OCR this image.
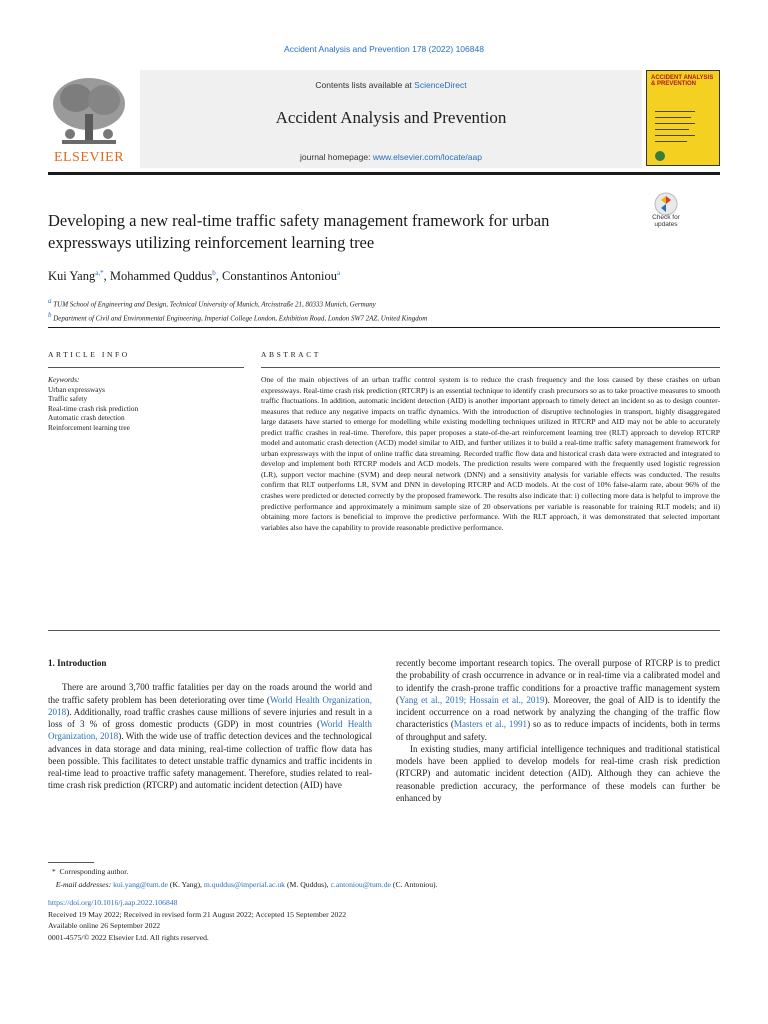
Accident Analysis and Prevention 178 (2022) 106848
ELSEVIER
Contents lists available at ScienceDirect
Accident Analysis and Prevention
journal homepage: www.elsevier.com/locate/aap
ACCIDENT ANALYSIS & PREVENTION
Developing a new real-time traffic safety management framework for urban expressways utilizing reinforcement learning tree
Check for
updates
Kui Yang$^{a,*}$, Mohammed Quddus$^b$, Constantinos Antoniou$^a$
$^a$ TUM School of Engineering and Design, Technical University of Munich, Arcisstraße 21, 80333 Munich, Germany
$^b$ Department of Civil and Environmental Engineering, Imperial College London, Exhibition Road, London SW7 2AZ, United Kingdom
ARTICLE INFO	ABSTRACT
Keywords:
Urban expressways
Traffic safety
Real-time crash risk prediction
Automatic crash detection
Reinforcement learning tree
One of the main objectives of an urban traffic control system is to reduce the crash frequency and the loss caused by these crashes on urban expressways. Real-time crash risk prediction (RTCRP) is an essential technique to identify crash precursors so as to take proactive measures to smooth traffic fluctuations. In addition, automatic incident detection (AID) is another important approach to timely detect an incident so as to design counter-measures that reduce any negative impacts on traffic dynamics. With the introduction of disruptive technologies in transport, highly disaggregated large datasets have started to emerge for modelling while existing modelling techniques utilized in RTCRP and AID may not be able to accurately predict traffic crashes in real-time. Therefore, this paper proposes a state-of-the-art reinforcement learning tree (RLT) approach to develop RTCRP model and automatic crash detection (ACD) model similar to AID, and further utilizes it to build a real-time traffic safety management framework for urban expressways with the input of online traffic data streaming. Recorded traffic flow data and historical crash data were extracted and integrated to develop and implement both RTCRP models and ACD models. The prediction results were compared with the frequently used logistic regression (LR), support vector machine (SVM) and deep neural network (DNN) and a sensitivity analysis for variable effects was conducted. The results confirm that RLT outperforms LR, SVM and DNN in developing RTCRP and ACD models. At the cost of 10% false-alarm rate, about 96% of the crashes were predicted or detected correctly by the proposed framework. The results also indicate that: i) collecting more data is helpful to improve the predictive performance and approximately a minimum sample size of 20 observations per variable is reasonable for training RLT models; and ii) obtaining more factors is beneficial to improve the predictive performance. With the RLT approach, it was demonstrated that selected important variables also have the capability to provide reasonable predictive performance.
1. Introduction

There are around 3,700 traffic fatalities per day on the roads around the world and the traffic safety problem has been deteriorating over time (World Health Organization, 2018). Additionally, road traffic crashes cause millions of severe injuries and result in a loss of 3 % of gross domestic products (GDP) in most countries (World Health Organization, 2018). With the wide use of traffic detection devices and the technological advances in data storage and data mining, real-time collection of traffic flow data has been possible. This facilitates to detect unstable traffic dynamics and traffic incidents in real-time lead to proactive traffic safety management. Therefore, studies related to real-time crash risk prediction (RTCRP) and automatic incident detection (AID) have

recently become important research topics. The overall purpose of RTCRP is to predict the probability of crash occurrence in advance or in real-time via a calibrated model and to identify the crash-prone traffic conditions for a proactive traffic management system (Yang et al., 2019; Hossain et al., 2019). Moreover, the goal of AID is to identify the incident occurrence on a road network by analyzing the changing of the traffic flow characteristics (Masters et al., 1991) so as to reduce impacts of incidents, both in terms of throughput and safety.

In existing studies, many artificial intelligence techniques and traditional statistical models have been applied to develop models for real-time crash risk prediction (RTCRP) and automatic incident detection (AID). Although they can achieve the reasonable prediction accuracy, the performance of these models can further be enhanced by

* Corresponding author.
E-mail addresses: kui.yang@tum.de (K. Yang), m.quddus@imperial.ac.uk (M. Quddus), c.antoniou@tum.de (C. Antoniou).
https://doi.org/10.1016/j.aap.2022.106848
Received 19 May 2022; Received in revised form 21 August 2022; Accepted 15 September 2022
Available online 26 September 2022
0001-4575/© 2022 Elsevier Ltd. All rights reserved.
